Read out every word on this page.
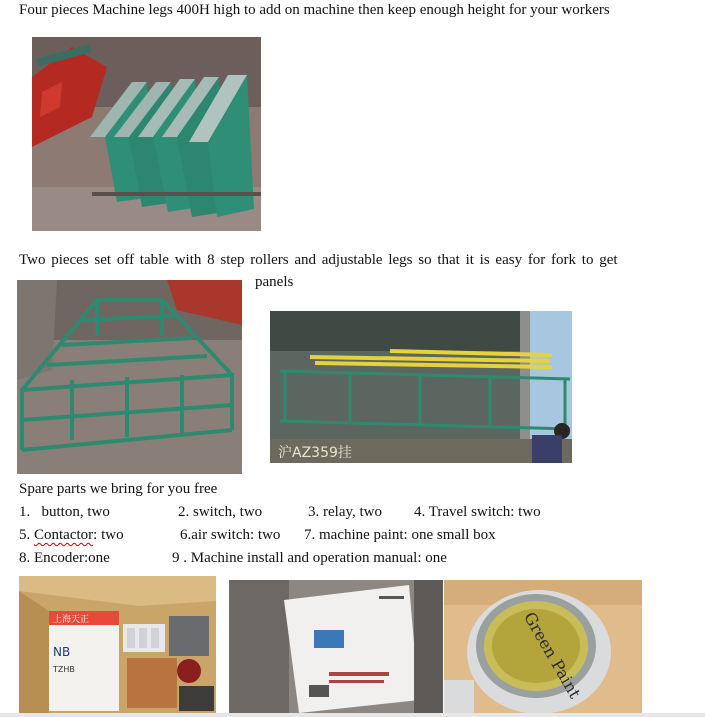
Four pieces Machine legs 400H high to add on machine then keep enough height for your workers
Two pieces set off table with 8 step rollers and adjustable legs so that it is easy for fork to get
panels
沪AZ359挂
Spare parts we bring for you free
1. button, two	2. switch, two	3. relay, two 4. Travel switch: two
5. Contactor: two	6.air switch: two 7. machine paint: one small box
8. Encoder:one	9 . Machine install and operation manual: one
上海天正
NB
TZHB	Green Paint
